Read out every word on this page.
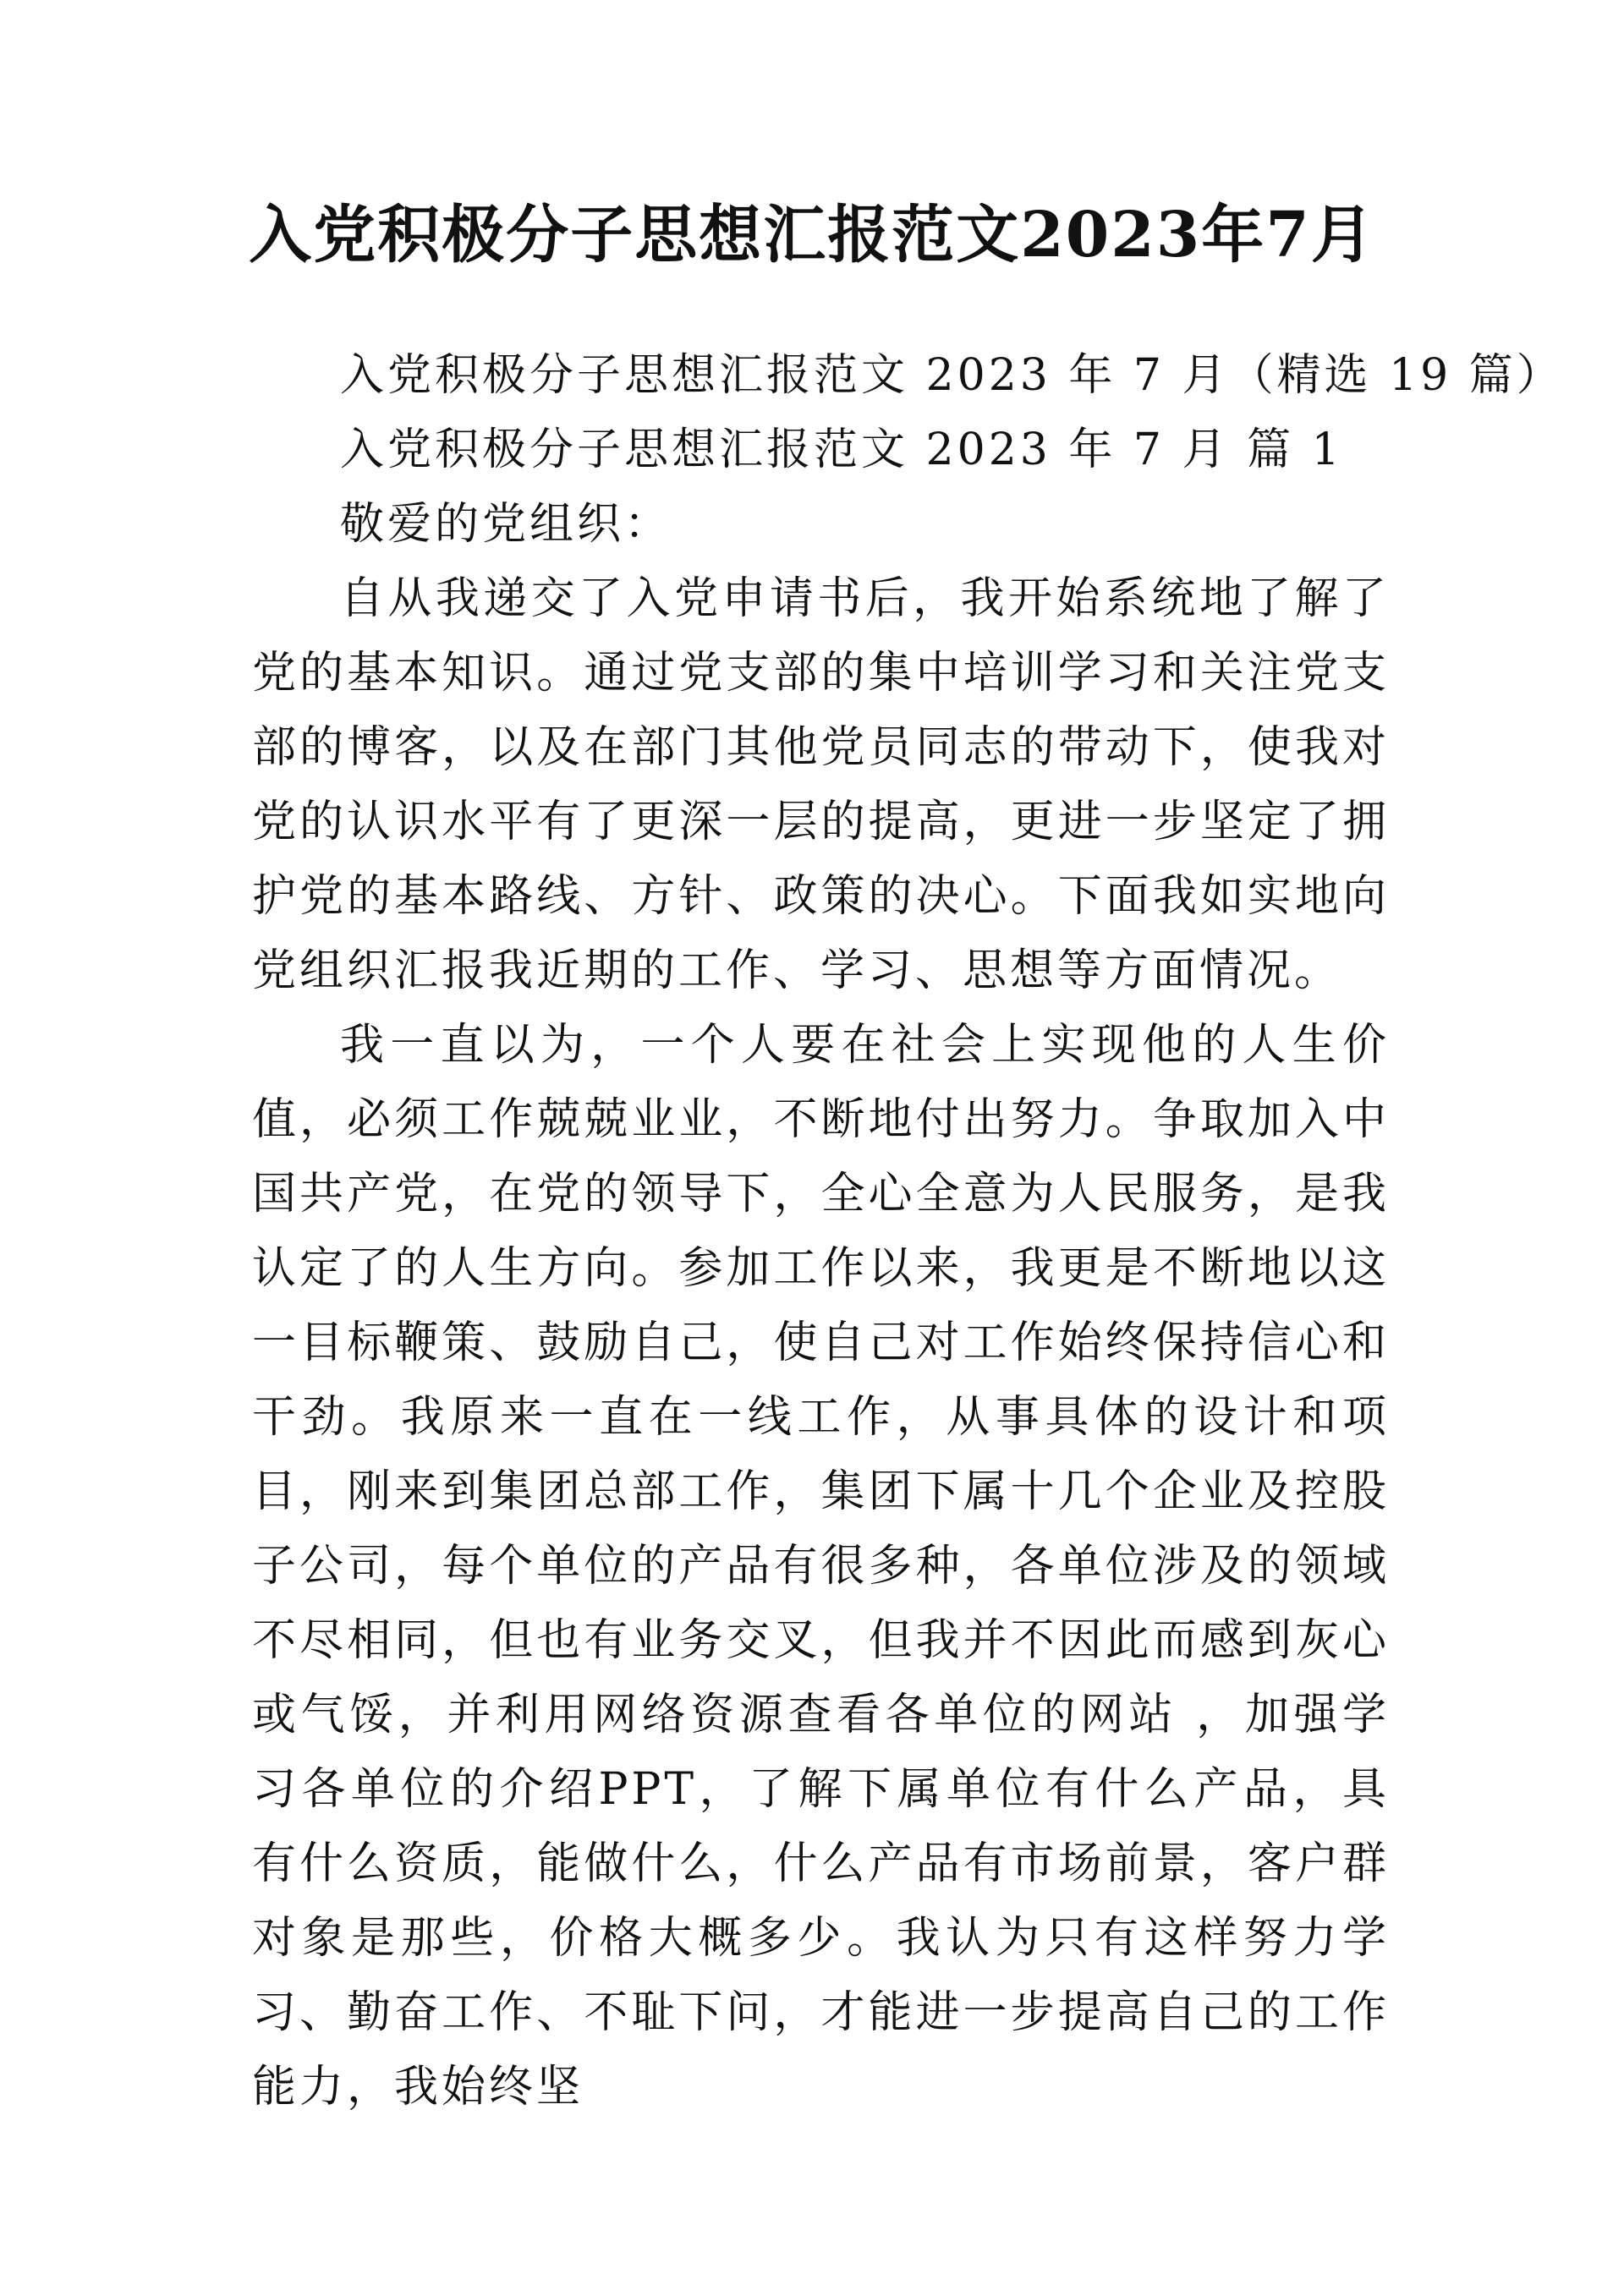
入党积极分子思想汇报范文2023年7月

入党积极分子思想汇报范文 2023 年 7 月（精选 19 篇）

入党积极分子思想汇报范文 2023 年 7 月 篇 1

敬爱的党组织：

自从我递交了入党申请书后，我开始系统地了解了党的基本知识。通过党支部的集中培训学习和关注党支部的博客，以及在部门其他党员同志的带动下，使我对党的认识水平有了更深一层的提高，更进一步坚定了拥护党的基本路线、方针、政策的决心。下面我如实地向党组织汇报我近期的工作、学习、思想等方面情况。

我一直以为，一个人要在社会上实现他的人生价值，必须工作兢兢业业，不断地付出努力。争取加入中国共产党，在党的领导下，全心全意为人民服务，是我认定了的人生方向。参加工作以来，我更是不断地以这一目标鞭策、鼓励自己，使自己对工作始终保持信心和干劲。我原来一直在一线工作，从事具体的设计和项目，刚来到集团总部工作，集团下属十几个企业及控股子公司，每个单位的产品有很多种，各单位涉及的领域不尽相同，但也有业务交叉，但我并不因此而感到灰心或气馁，并利用网络资源查看各单位的网站 ，加强学习各单位的介绍PPT，了解下属单位有什么产品，具有什么资质，能做什么，什么产品有市场前景，客户群对象是那些，价格大概多少。我认为只有这样努力学习、勤奋工作、不耻下问，才能进一步提高自己的工作能力，我始终坚
